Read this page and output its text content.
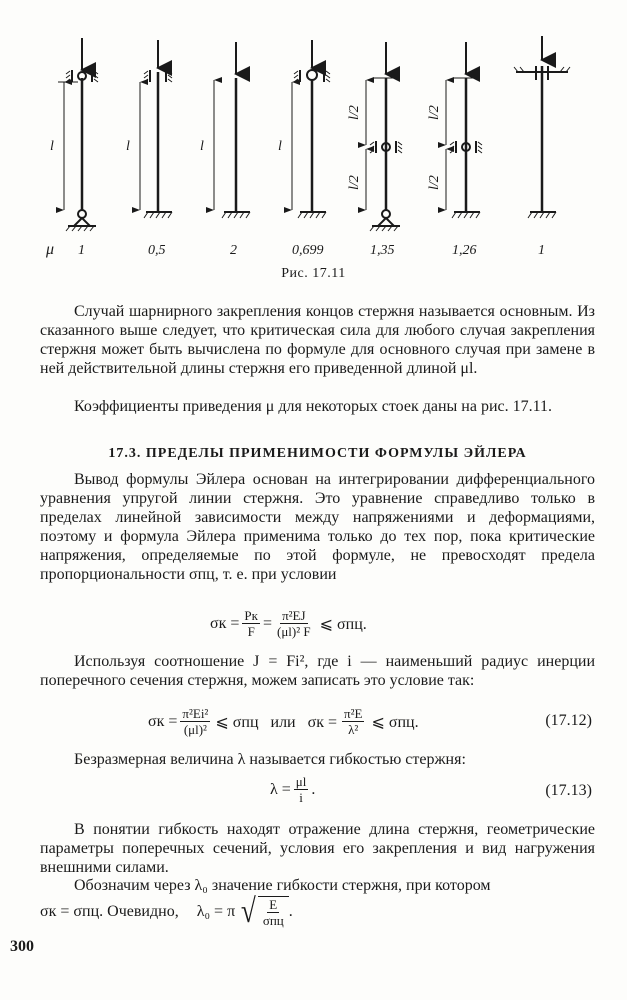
l	l	l	l
l/2
l/2
l/2
l/2
μ 1	0,5	2	0,699	1,35	1,26	1
Рис. 17.11

Случай шарнирного закрепления концов стержня называется основным. Из сказанного выше следует, что критическая сила для любого случая закрепления стержня может быть вычислена по формуле для основного случая при замене в ней действительной длины стержня его приведенной длиной μl.

Коэффициенты приведения μ для некоторых стоек даны на рис. 17.11.

17.3. ПРЕДЕЛЫ ПРИМЕНИМОСТИ ФОРМУЛЫ ЭЙЛЕРА

Вывод формулы Эйлера основан на интегрировании дифференциального уравнения упругой линии стержня. Это уравнение справедливо только в пределах линейной зависимости между напряжениями и деформациями, поэтому и формула Эйлера применима только до тех пор, пока критические напряжения, определяемые по этой формуле, не превосходят предела пропорциональности σпц, т. е. при условии

$\sigma к = \frac{Pк}{F} = \frac{\text{π²EJ}}{\text{(μl)² F}}$ ⩽ σпц.

Используя соотношение J = Fi², где i — наименьший радиус инерции поперечного сечения стержня, можем записать это условие так:

$\sigma к = \frac{\text{π²Ei²}}{\text{(μl)²}}$ ⩽ σпц   или   $\sigma к = \frac{\text{π²E}}{\text{λ²}}$ ⩽ σпц.	(17.12)

Безразмерная величина λ называется гибкостью стержня:

$\lambda = \frac{\mu l}{i}$ .	(17.13)

В понятии гибкость находят отражение длина стержня, геометрические параметры поперечных сечений, условия его закрепления и вид нагружения внешними силами.

Обозначим через λ₀ значение гибкости стержня, при котором

σк = σпц. Очевидно, λ₀ = π √ $\frac{E}{\text{σпц}}$ .
300
